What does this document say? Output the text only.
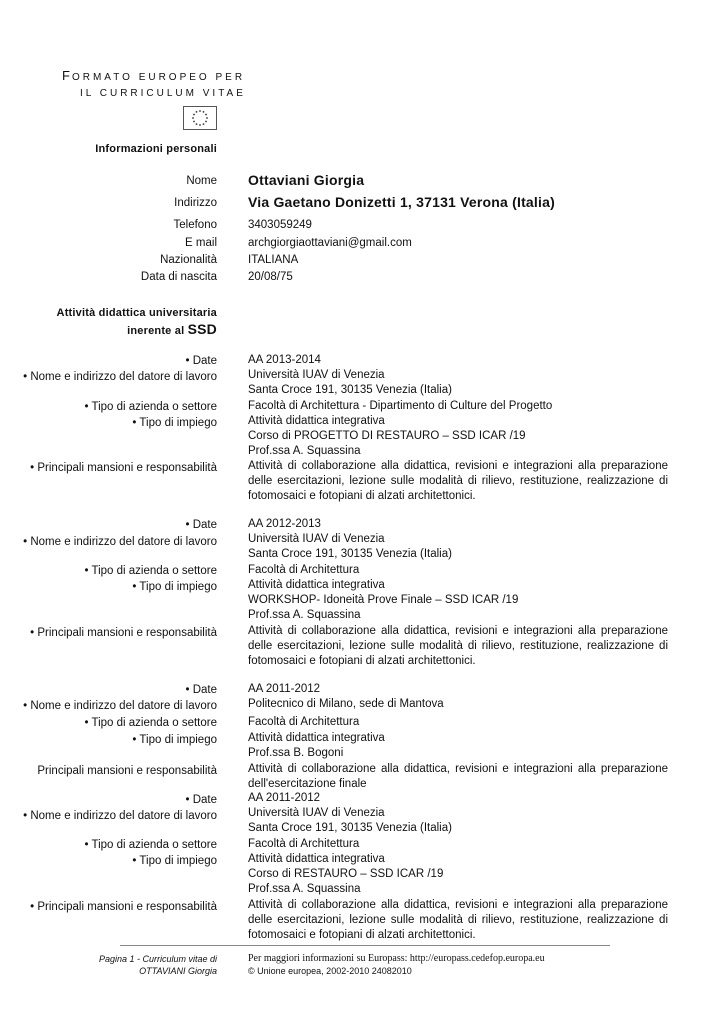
FORMATO EUROPEO PER
IL CURRICULUM VITAE
Informazioni personali
Nome Ottaviani Giorgia
Indirizzo Via Gaetano Donizetti 1, 37131 Verona (Italia)
Telefono	3403059249
E mail	archgiorgiaottaviani@gmail.com
Nazionalità	ITALIANA
Data di nascita	20/08/75
Attività didattica universitaria
inerente al SSD
• Date	AA 2013-2014
• Nome e indirizzo del datore di lavoro	Università IUAV di Venezia
Santa Croce 191, 30135 Venezia (Italia)
• Tipo di azienda o settore	Facoltà di Architettura - Dipartimento di Culture del Progetto
• Tipo di impiego	Attività didattica integrativa
Corso di PROGETTO DI RESTAURO – SSD ICAR /19
Prof.ssa A. Squassina
• Principali mansioni e responsabilità	Attività di collaborazione alla didattica, revisioni e integrazioni alla preparazione delle esercitazioni, lezione sulle modalità di rilievo, restituzione, realizzazione di fotomosaici e fotopiani di alzati architettonici.
• Date	AA 2012-2013
• Nome e indirizzo del datore di lavoro	Università IUAV di Venezia
Santa Croce 191, 30135 Venezia (Italia)
• Tipo di azienda o settore	Facoltà di Architettura
• Tipo di impiego	Attività didattica integrativa
WORKSHOP- Idoneità Prove Finale – SSD ICAR /19
Prof.ssa A. Squassina
• Principali mansioni e responsabilità	Attività di collaborazione alla didattica, revisioni e integrazioni alla preparazione delle esercitazioni, lezione sulle modalità di rilievo, restituzione, realizzazione di fotomosaici e fotopiani di alzati architettonici.
• Date	AA 2011-2012
• Nome e indirizzo del datore di lavoro	Politecnico di Milano, sede di Mantova
• Tipo di azienda o settore	Facoltà di Architettura
• Tipo di impiego	Attività didattica integrativa
Prof.ssa B. Bogoni
Principali mansioni e responsabilità	Attività di collaborazione alla didattica, revisioni e integrazioni alla preparazione dell'esercitazione finale
• Date	AA 2011-2012
• Nome e indirizzo del datore di lavoro	Università IUAV di Venezia
Santa Croce 191, 30135 Venezia (Italia)
• Tipo di azienda o settore	Facoltà di Architettura
• Tipo di impiego	Attività didattica integrativa
Corso di RESTAURO – SSD ICAR /19
Prof.ssa A. Squassina
• Principali mansioni e responsabilità	Attività di collaborazione alla didattica, revisioni e integrazioni alla preparazione delle esercitazioni, lezione sulle modalità di rilievo, restituzione, realizzazione di fotomosaici e fotopiani di alzati architettonici.
Pagina 1 - Curriculum vitae di
OTTAVIANI Giorgia
Per maggiori informazioni su Europass: http://europass.cedefop.europa.eu
© Unione europea, 2002-2010 24082010
